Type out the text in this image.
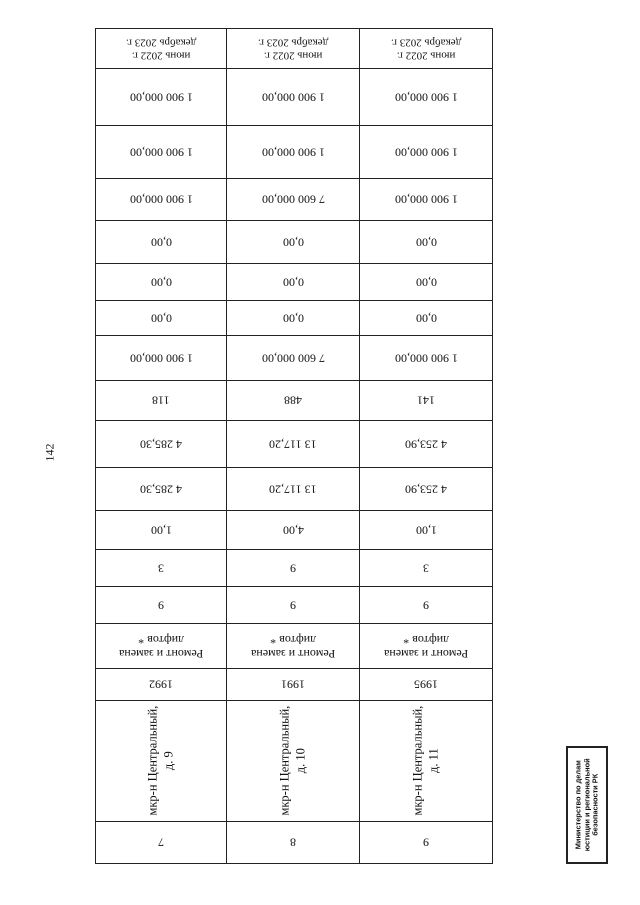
142
июнь 2022 г.
декабрь 2023 г.
1 900 000,00
1 900 000,00
1 900 000,00
0,00
0,00
0,00
1 900 000,00
118
4 285,30
4 285,30
1,00
3
9
Ремонт и замена
лифтов *
1992
мкр-н Центральный,
д. 9
7
июнь 2022 г.
декабрь 2023 г.
1 900 000,00
1 900 000,00
7 600 000,00
0,00
0,00
0,00
7 600 000,00
488
13 117,20
13 117,20
4,00
9
9
Ремонт и замена
лифтов *
1991
мкр-н Центральный,
д. 10
8
июнь 2022 г.
декабрь 2023 г.
1 900 000,00
1 900 000,00
1 900 000,00
0,00
0,00
0,00
1 900 000,00
141
4 253,90
4 253,90
1,00
3
9
Ремонт и замена
лифтов *
1995
мкр-н Центральный,
д. 11
9	Министерство по делам юстиции и региональной безопасности РК
